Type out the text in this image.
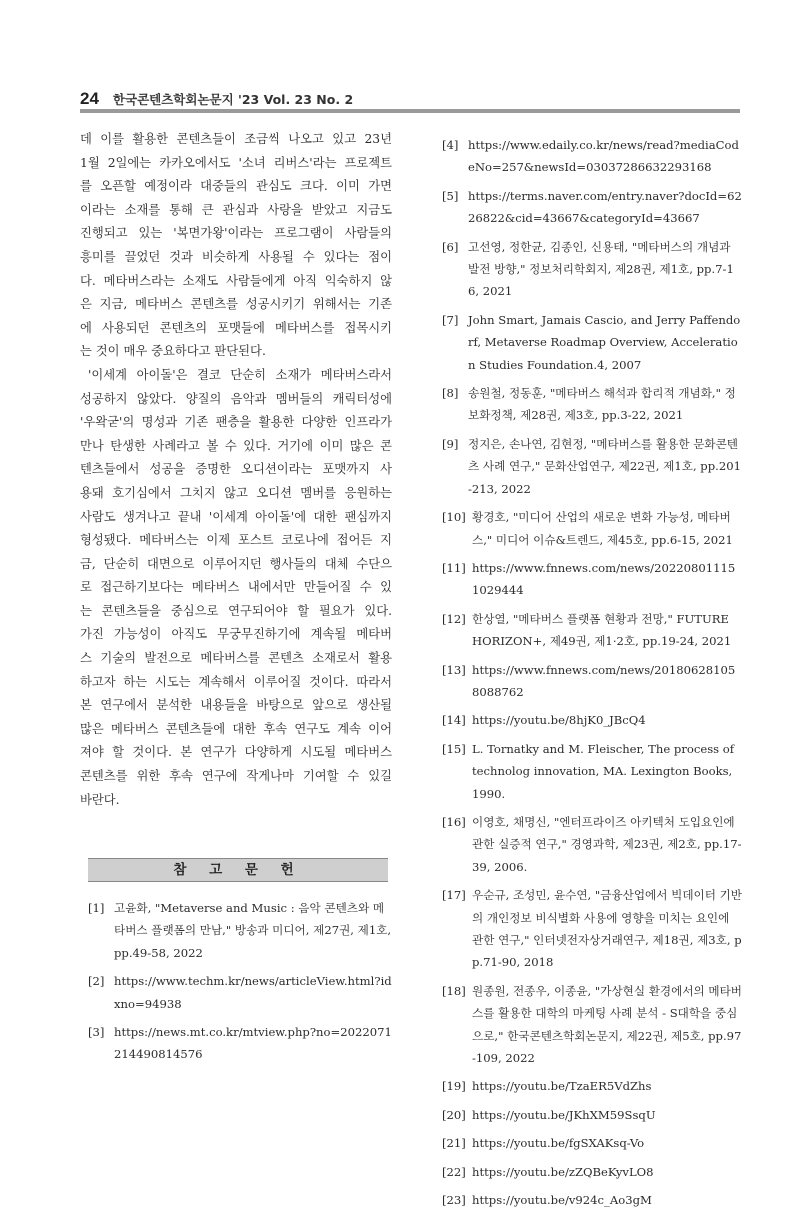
24 한국콘텐츠학회논문지 '23 Vol. 23 No. 2

데 이를 활용한 콘텐츠들이 조금씩 나오고 있고 23년
1월 2일에는 카카오에서도 '소녀 리버스'라는 프로젝트
를 오픈할 예정이라 대중들의 관심도 크다. 이미 가면
이라는 소재를 통해 큰 관심과 사랑을 받았고 지금도
진행되고 있는 '복면가왕'이라는 프로그램이 사람들의
흥미를 끌었던 것과 비슷하게 사용될 수 있다는 점이
다. 메타버스라는 소재도 사람들에게 아직 익숙하지 않
은 지금, 메타버스 콘텐츠를 성공시키기 위해서는 기존
에 사용되던 콘텐츠의 포맷들에 메타버스를 접목시키
는 것이 매우 중요하다고 판단된다.

'이세계 아이돌'은 결코 단순히 소재가 메타버스라서
성공하지 않았다. 양질의 음악과 멤버들의 캐릭터성에
'우왁굳'의 명성과 기존 팬층을 활용한 다양한 인프라가
만나 탄생한 사례라고 볼 수 있다. 거기에 이미 많은 콘
텐츠들에서 성공을 증명한 오디션이라는 포맷까지 사
용돼 호기심에서 그치지 않고 오디션 멤버를 응원하는
사람도 생겨나고 끝내 '이세계 아이돌'에 대한 팬심까지
형성됐다. 메타버스는 이제 포스트 코로나에 접어든 지
금, 단순히 대면으로 이루어지던 행사들의 대체 수단으
로 접근하기보다는 메타버스 내에서만 만들어질 수 있
는 콘텐츠들을 중심으로 연구되어야 할 필요가 있다.
가진 가능성이 아직도 무궁무진하기에 계속될 메타버
스 기술의 발전으로 메타버스를 콘텐츠 소재로서 활용
하고자 하는 시도는 계속해서 이루어질 것이다. 따라서
본 연구에서 분석한 내용들을 바탕으로 앞으로 생산될
많은 메타버스 콘텐츠들에 대한 후속 연구도 계속 이어
져야 할 것이다. 본 연구가 다양하게 시도될 메타버스
콘텐츠를 위한 후속 연구에 작게나마 기여할 수 있길
바란다.

참 고 문 헌
[1] 고윤화, "Metaverse and Music : 음악 콘텐츠와 메타버스 플랫폼의 만남," 방송과 미디어, 제27권, 제1호, pp.49-58, 2022
[2] https://www.techm.kr/news/articleView.html?idxno=94938
[3] https://news.mt.co.kr/mtview.php?no=2022071214490814576
[4] https://www.edaily.co.kr/news/read?mediaCodeNo=257&newsId=03037286632293168
[5] https://terms.naver.com/entry.naver?docId=6226822&cid=43667&categoryId=43667
[6] 고선영, 정한균, 김종인, 신용태, "메타버스의 개념과 발전 방향," 정보처리학회지, 제28권, 제1호, pp.7-16, 2021
[7] John Smart, Jamais Cascio, and Jerry Paffendorf, Metaverse Roadmap Overview, Acceleration Studies Foundation.4, 2007
[8] 송원철, 정동훈, "메타버스 해석과 합리적 개념화," 정보화정책, 제28권, 제3호, pp.3-22, 2021
[9] 정지은, 손나연, 김현정, "메타버스를 활용한 문화콘텐츠 사례 연구," 문화산업연구, 제22권, 제1호, pp.201-213, 2022
[10] 황경호, "미디어 산업의 새로운 변화 가능성, 메타버스," 미디어 이슈&트렌드, 제45호, pp.6-15, 2021
[11] https://www.fnnews.com/news/202208011151029444
[12] 한상열, "메타버스 플랫폼 현황과 전망," FUTURE HORIZON+, 제49권, 제1·2호, pp.19-24, 2021
[13] https://www.fnnews.com/news/201806281058088762
[14] https://youtu.be/8hjK0_JBcQ4
[15] L. Tornatky and M. Fleischer, The process of technolog innovation, MA. Lexington Books, 1990.
[16] 이영호, 채명신, "엔터프라이즈 아키텍처 도입요인에 관한 실증적 연구," 경영과학, 제23권, 제2호, pp.17-39, 2006.
[17] 우순규, 조성민, 윤수연, "금융산업에서 빅데이터 기반의 개인정보 비식별화 사용에 영향을 미치는 요인에 관한 연구," 인터넷전자상거래연구, 제18권, 제3호, pp.71-90, 2018
[18] 원종원, 전종우, 이종윤, "가상현실 환경에서의 메타버스를 활용한 대학의 마케팅 사례 분석 - S대학을 중심으로," 한국콘텐츠학회논문지, 제22권, 제5호, pp.97-109, 2022
[19] https://youtu.be/TzaER5VdZhs
[20] https://youtu.be/JKhXM59SsqU
[21] https://youtu.be/fgSXAKsq-Vo
[22] https://youtu.be/zZQBeKyvLO8
[23] https://youtu.be/v924c_Ao3gM
